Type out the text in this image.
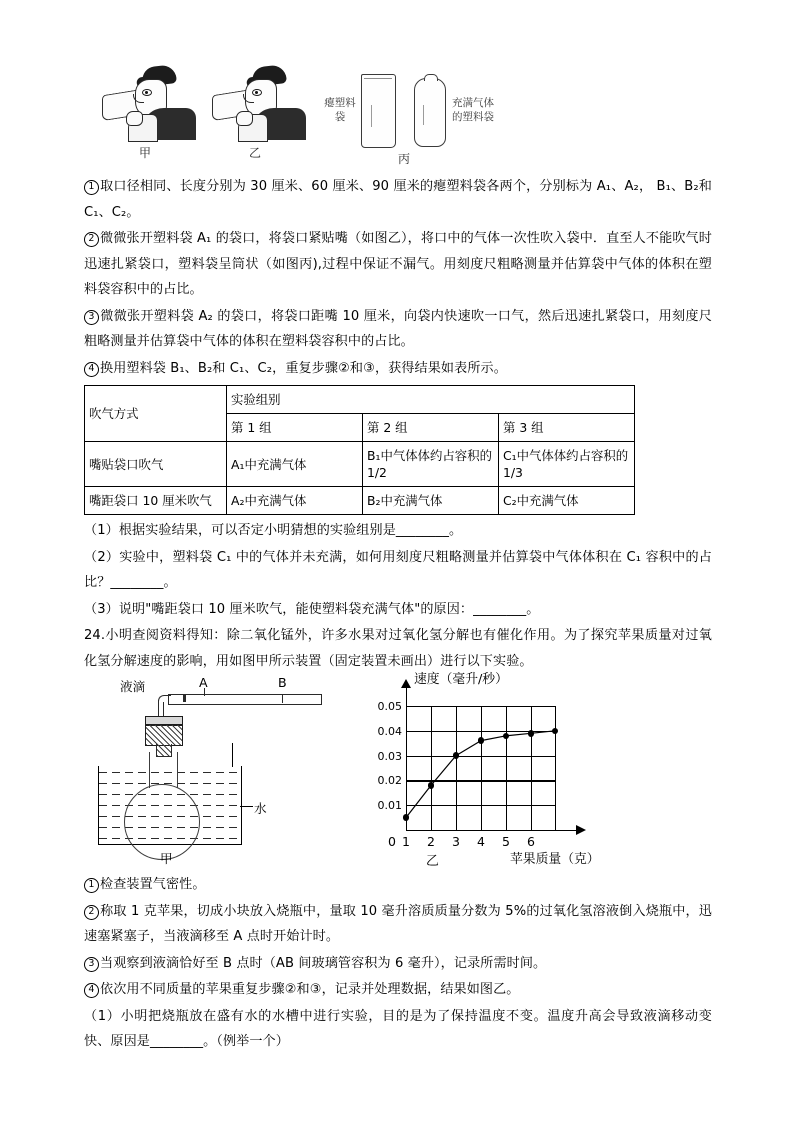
甲	乙
瘪塑料袋
充满气体的塑料袋
丙

1 取口径相同、长度分别为 30 厘米、60 厘米、90 厘米的瘪塑料袋各两个，分别标为 A₁、A₂， B₁、B₂和 C₁、C₂。

2 微微张开塑料袋 A₁ 的袋口，将袋口紧贴嘴（如图乙），将口中的气体一次性吹入袋中．直至人不能吹气时迅速扎紧袋口，塑料袋呈筒状（如图丙),过程中保证不漏气。用刻度尺粗略测量并估算袋中气体的体积在塑料袋容积中的占比。

3 微微张开塑料袋 A₂ 的袋口，将袋口距嘴 10 厘米，向袋内快速吹一口气，然后迅速扎紧袋口，用刻度尺粗略测量并估算袋中气体的体积在塑料袋容积中的占比。

4 换用塑料袋 B₁、B₂和 C₁、C₂，重复步骤②和③，获得结果如表所示。

吹气方式	实验组别		
	第 1 组	第 2 组	第 3 组
嘴贴袋口吹气	A₁中充满气体	B₁中气体体约占容积的 1/2	C₁中气体体约占容积的 1/3
嘴距袋口 10 厘米吹气	A₂中充满气体	B₂中充满气体	C₂中充满气体

（1）根据实验结果，可以否定小明猜想的实验组别是________。

（2）实验中，塑料袋 C₁ 中的气体并未充满，如何用刻度尺粗略测量并估算袋中气体体积在 C₁ 容积中的占比？________。

（3）说明"嘴距袋口 10 厘米吹气，能使塑料袋充满气体"的原因：________。

24.小明查阅资料得知：除二氧化锰外，许多水果对过氧化氢分解也有催化作用。为了探究苹果质量对过氧化氢分解速度的影响，用如图甲所示装置（固定装置未画出）进行以下实验。

液滴	A	B
水
甲
速度（毫升/秒）
苹果质量（克）
乙
0.05
0.04
0.03
0.02
0.01
0 1	2	3	4	5	6

1 检查装置气密性。

2 称取 1 克苹果，切成小块放入烧瓶中，量取 10 毫升溶质质量分数为 5%的过氧化氢溶液倒入烧瓶中，迅速塞紧塞子，当液滴移至 A 点时开始计时。

3 当观察到液滴恰好至 B 点时（AB 间玻璃管容积为 6 毫升），记录所需时间。

4 依次用不同质量的苹果重复步骤②和③，记录并处理数据，结果如图乙。

（1）小明把烧瓶放在盛有水的水槽中进行实验，目的是为了保持温度不变。温度升高会导致液滴移动变快、原因是________。（例举一个）
